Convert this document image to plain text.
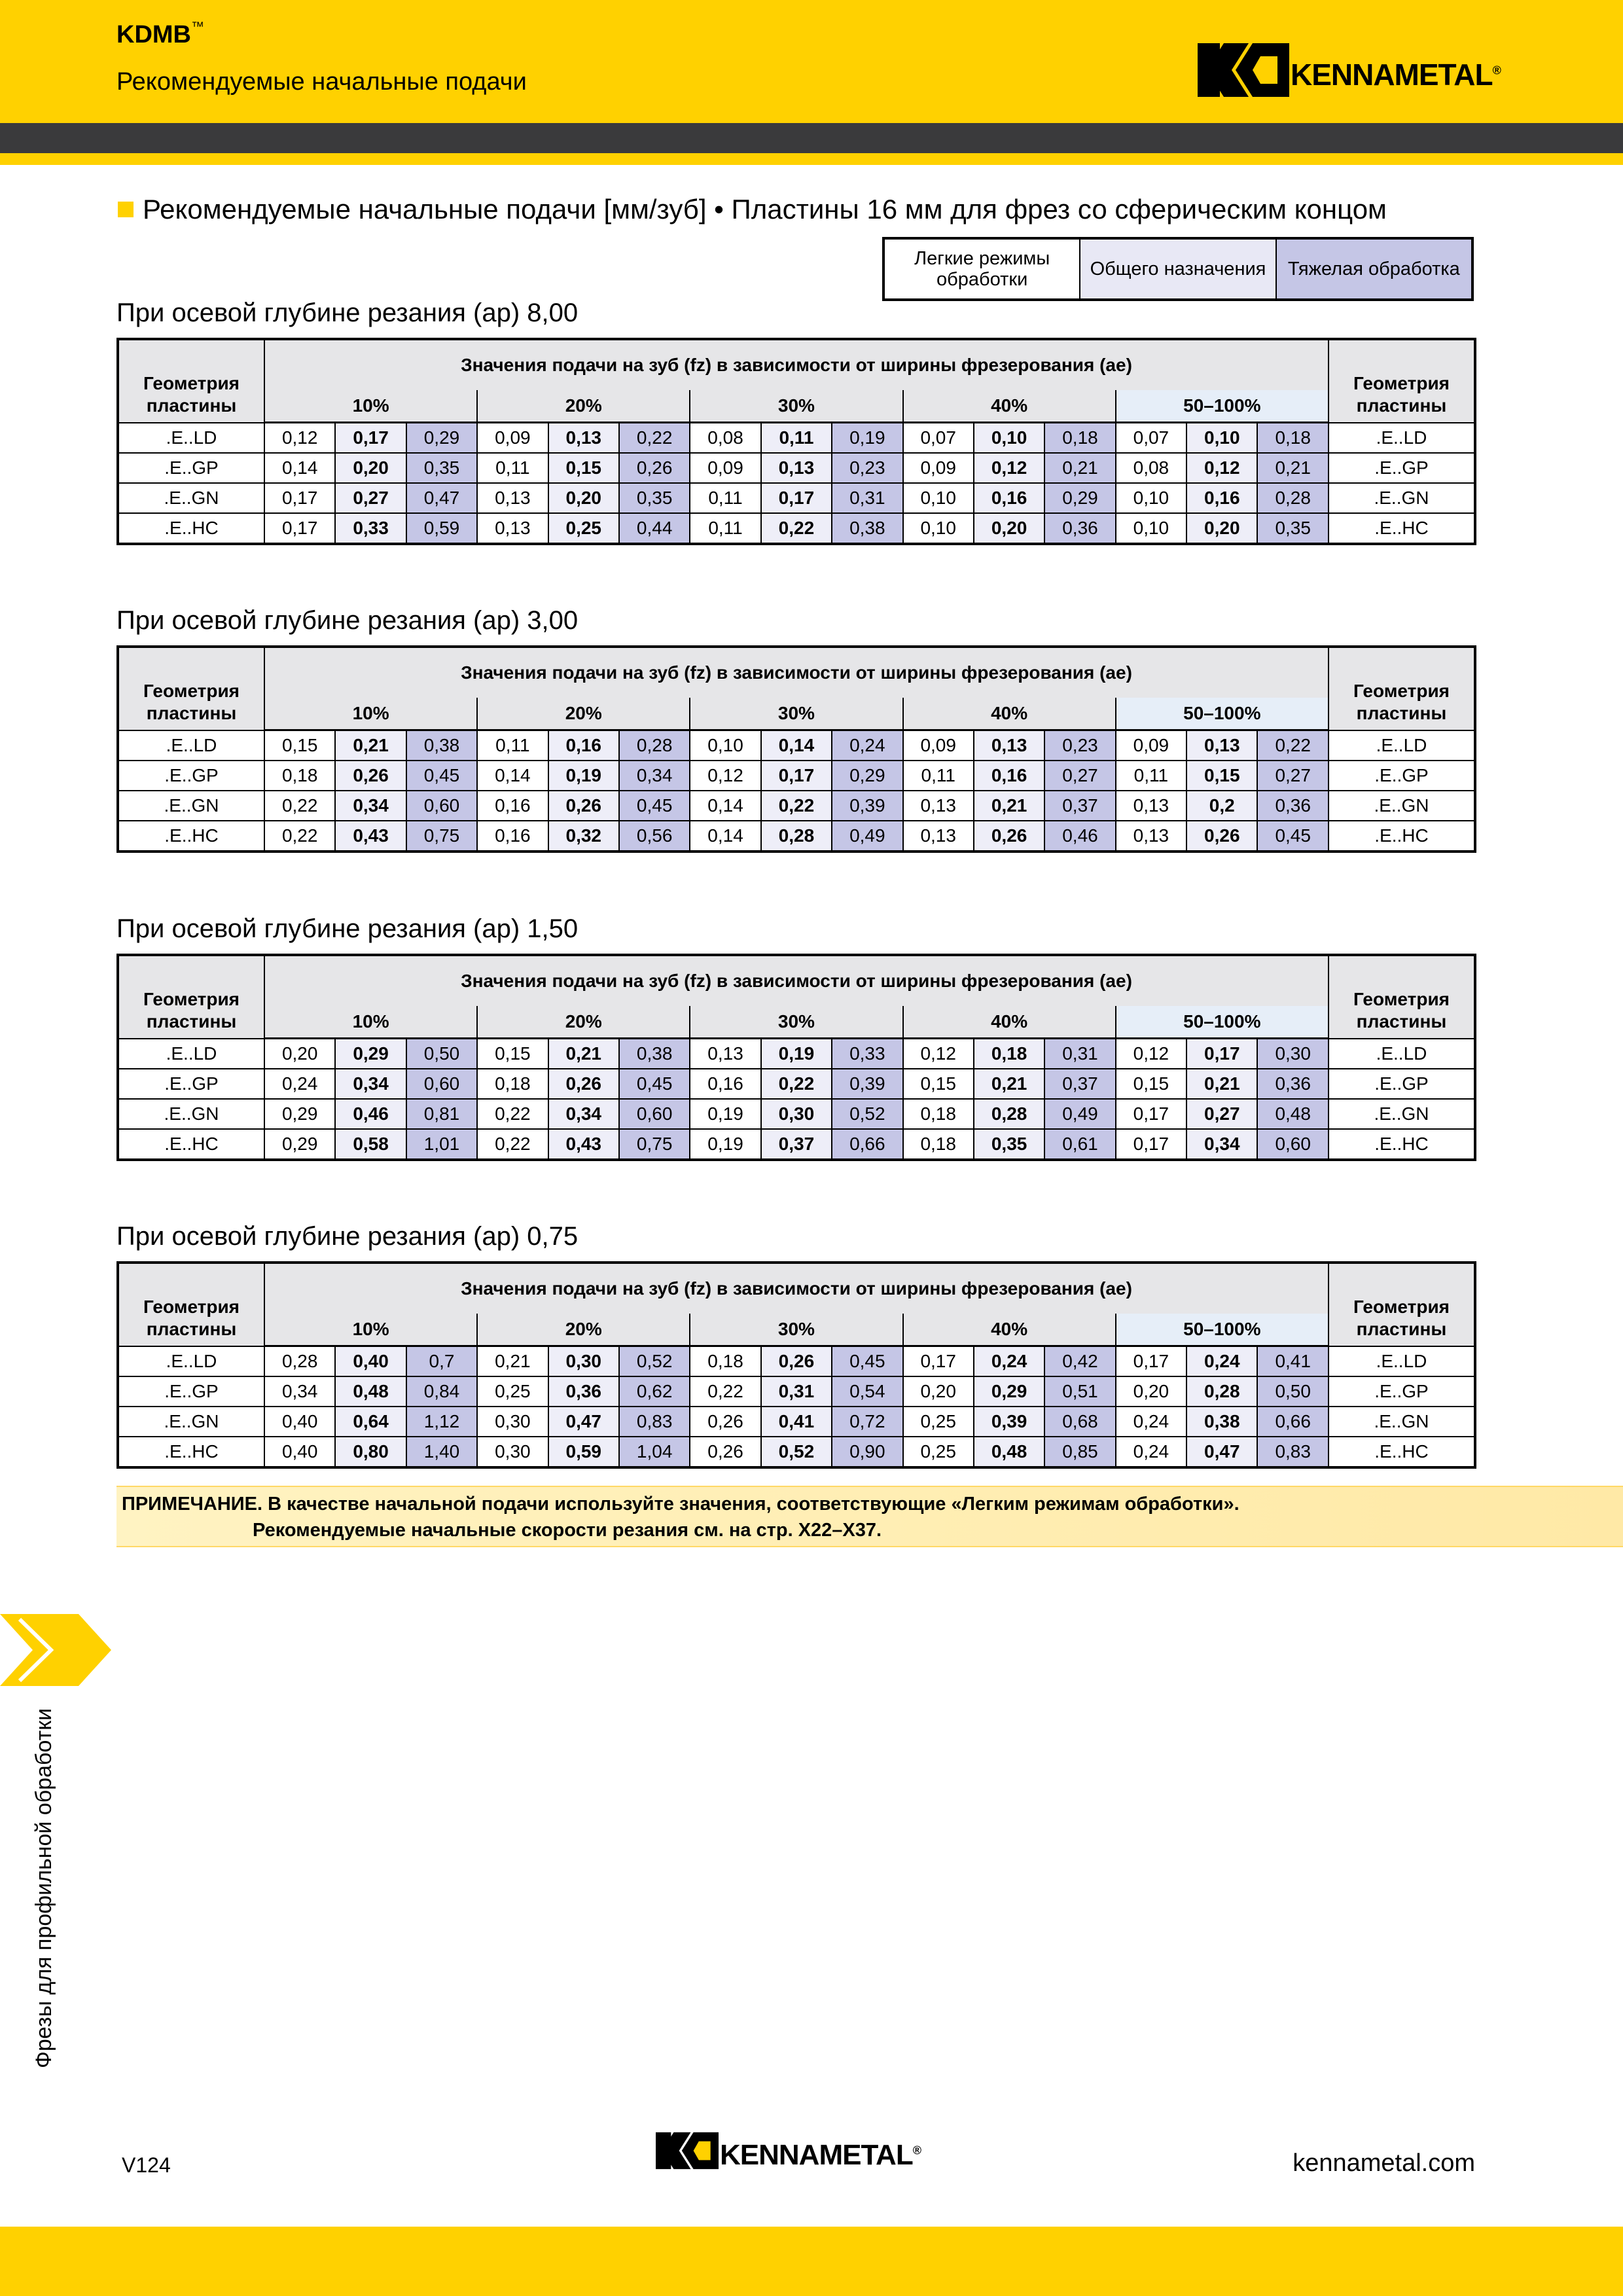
KDMB™
Рекомендуемые начальные подачи	KENNAMETAL®
Рекомендуемые начальные подачи [мм/зуб] • Пластины 16 мм для фрез со сферическим концом
Легкие режимы обработки	Общего назначения	Тяжелая обработка
При осевой глубине резания (ap) 8,00
Геометрия пластины	Значения подачи на зуб (fz) в зависимости от ширины фрезерования (ae)															Геометрия пластины
	10%			20%			30%			40%			50–100%			
.E..LD	0,12	0,17	0,29	0,09	0,13	0,22	0,08	0,11	0,19	0,07	0,10	0,18	0,07	0,10	0,18	.E..LD
.E..GP	0,14	0,20	0,35	0,11	0,15	0,26	0,09	0,13	0,23	0,09	0,12	0,21	0,08	0,12	0,21	.E..GP
.E..GN	0,17	0,27	0,47	0,13	0,20	0,35	0,11	0,17	0,31	0,10	0,16	0,29	0,10	0,16	0,28	.E..GN
.E..HC	0,17	0,33	0,59	0,13	0,25	0,44	0,11	0,22	0,38	0,10	0,20	0,36	0,10	0,20	0,35	.E..HC
При осевой глубине резания (ap) 3,00
Геометрия пластины	Значения подачи на зуб (fz) в зависимости от ширины фрезерования (ae)															Геометрия пластины
	10%			20%			30%			40%			50–100%			
.E..LD	0,15	0,21	0,38	0,11	0,16	0,28	0,10	0,14	0,24	0,09	0,13	0,23	0,09	0,13	0,22	.E..LD
.E..GP	0,18	0,26	0,45	0,14	0,19	0,34	0,12	0,17	0,29	0,11	0,16	0,27	0,11	0,15	0,27	.E..GP
.E..GN	0,22	0,34	0,60	0,16	0,26	0,45	0,14	0,22	0,39	0,13	0,21	0,37	0,13	0,2	0,36	.E..GN
.E..HC	0,22	0,43	0,75	0,16	0,32	0,56	0,14	0,28	0,49	0,13	0,26	0,46	0,13	0,26	0,45	.E..HC
При осевой глубине резания (ap) 1,50
Геометрия пластины	Значения подачи на зуб (fz) в зависимости от ширины фрезерования (ae)															Геометрия пластины
	10%			20%			30%			40%			50–100%			
.E..LD	0,20	0,29	0,50	0,15	0,21	0,38	0,13	0,19	0,33	0,12	0,18	0,31	0,12	0,17	0,30	.E..LD
.E..GP	0,24	0,34	0,60	0,18	0,26	0,45	0,16	0,22	0,39	0,15	0,21	0,37	0,15	0,21	0,36	.E..GP
.E..GN	0,29	0,46	0,81	0,22	0,34	0,60	0,19	0,30	0,52	0,18	0,28	0,49	0,17	0,27	0,48	.E..GN
.E..HC	0,29	0,58	1,01	0,22	0,43	0,75	0,19	0,37	0,66	0,18	0,35	0,61	0,17	0,34	0,60	.E..HC
При осевой глубине резания (ap) 0,75
Геометрия пластины	Значения подачи на зуб (fz) в зависимости от ширины фрезерования (ae)															Геометрия пластины
	10%			20%			30%			40%			50–100%			
.E..LD	0,28	0,40	0,7	0,21	0,30	0,52	0,18	0,26	0,45	0,17	0,24	0,42	0,17	0,24	0,41	.E..LD
.E..GP	0,34	0,48	0,84	0,25	0,36	0,62	0,22	0,31	0,54	0,20	0,29	0,51	0,20	0,28	0,50	.E..GP
.E..GN	0,40	0,64	1,12	0,30	0,47	0,83	0,26	0,41	0,72	0,25	0,39	0,68	0,24	0,38	0,66	.E..GN
.E..HC	0,40	0,80	1,40	0,30	0,59	1,04	0,26	0,52	0,90	0,25	0,48	0,85	0,24	0,47	0,83	.E..HC
ПРИМЕЧАНИЕ. В качестве начальной подачи используйте значения, соответствующие «Легким режимам обработки».
Рекомендуемые начальные скорости резания см. на стр. X22–X37.
Фрезы для профильной обработки
V124	KENNAMETAL®	kennametal.com
